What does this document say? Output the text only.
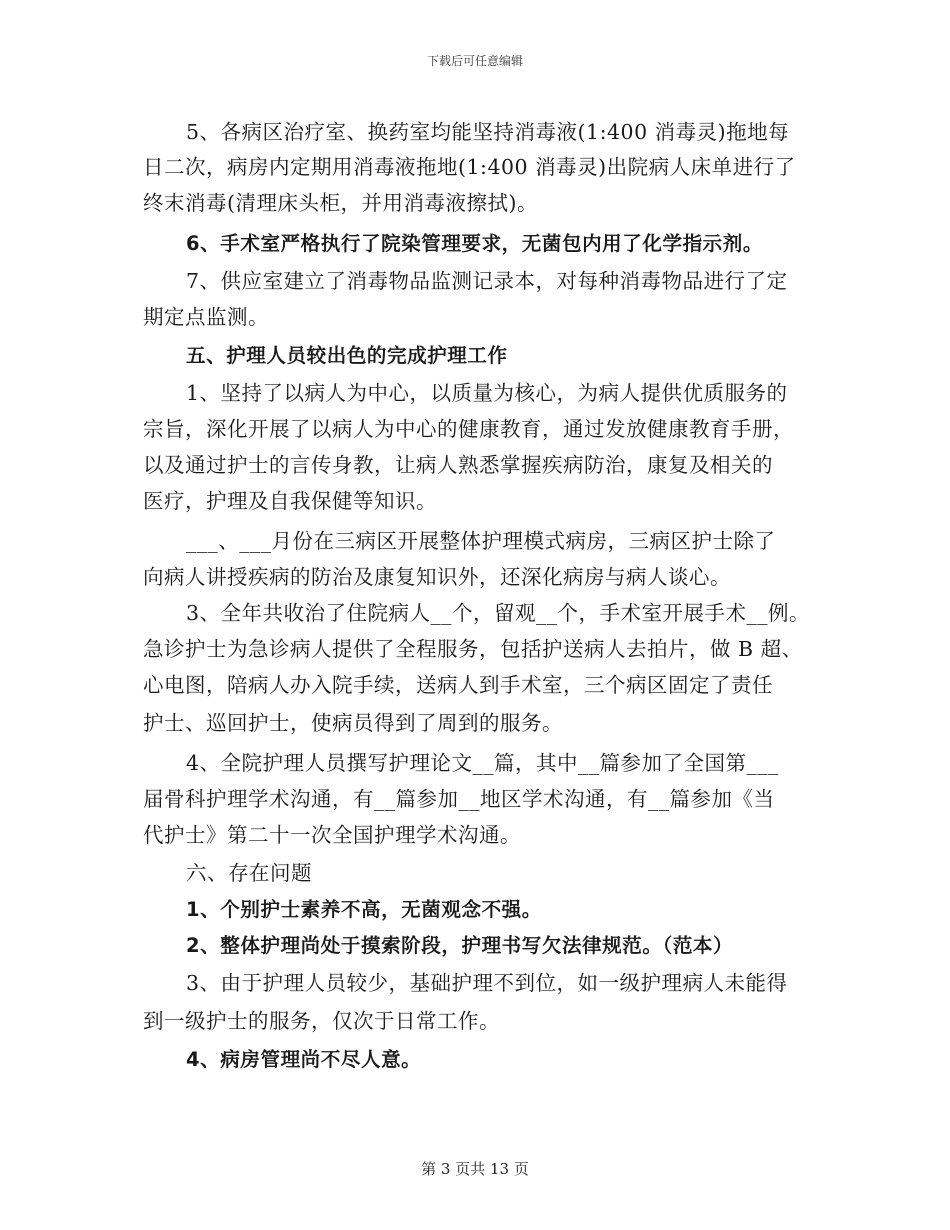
下载后可任意编辑
5、各病区治疗室、换药室均能坚持消毒液(1:400 消毒灵)拖地每
日二次，病房内定期用消毒液拖地(1:400 消毒灵)出院病人床单进行了
终末消毒(清理床头柜，并用消毒液擦拭)。
6、手术室严格执行了院染管理要求，无菌包内用了化学指示剂。
7、供应室建立了消毒物品监测记录本，对每种消毒物品进行了定
期定点监测。
五、护理人员较出色的完成护理工作
1、坚持了以病人为中心，以质量为核心，为病人提供优质服务的
宗旨，深化开展了以病人为中心的健康教育，通过发放健康教育手册，
以及通过护士的言传身教，让病人熟悉掌握疾病防治，康复及相关的
医疗，护理及自我保健等知识。
___、___月份在三病区开展整体护理模式病房，三病区护士除了
向病人讲授疾病的防治及康复知识外，还深化病房与病人谈心。
3、全年共收治了住院病人__个，留观__个，手术室开展手术__例。
急诊护士为急诊病人提供了全程服务，包括护送病人去拍片，做 B 超、
心电图，陪病人办入院手续，送病人到手术室，三个病区固定了责任
护士、巡回护士，使病员得到了周到的服务。
4、全院护理人员撰写护理论文__篇，其中__篇参加了全国第___
届骨科护理学术沟通，有__篇参加__地区学术沟通，有__篇参加《当
代护士》第二十一次全国护理学术沟通。
六、存在问题
1、个别护士素养不高，无菌观念不强。
2、整体护理尚处于摸索阶段，护理书写欠法律规范。（范本）
3、由于护理人员较少，基础护理不到位，如一级护理病人未能得
到一级护士的服务，仅次于日常工作。
4、病房管理尚不尽人意。
第 3 页共 13 页
